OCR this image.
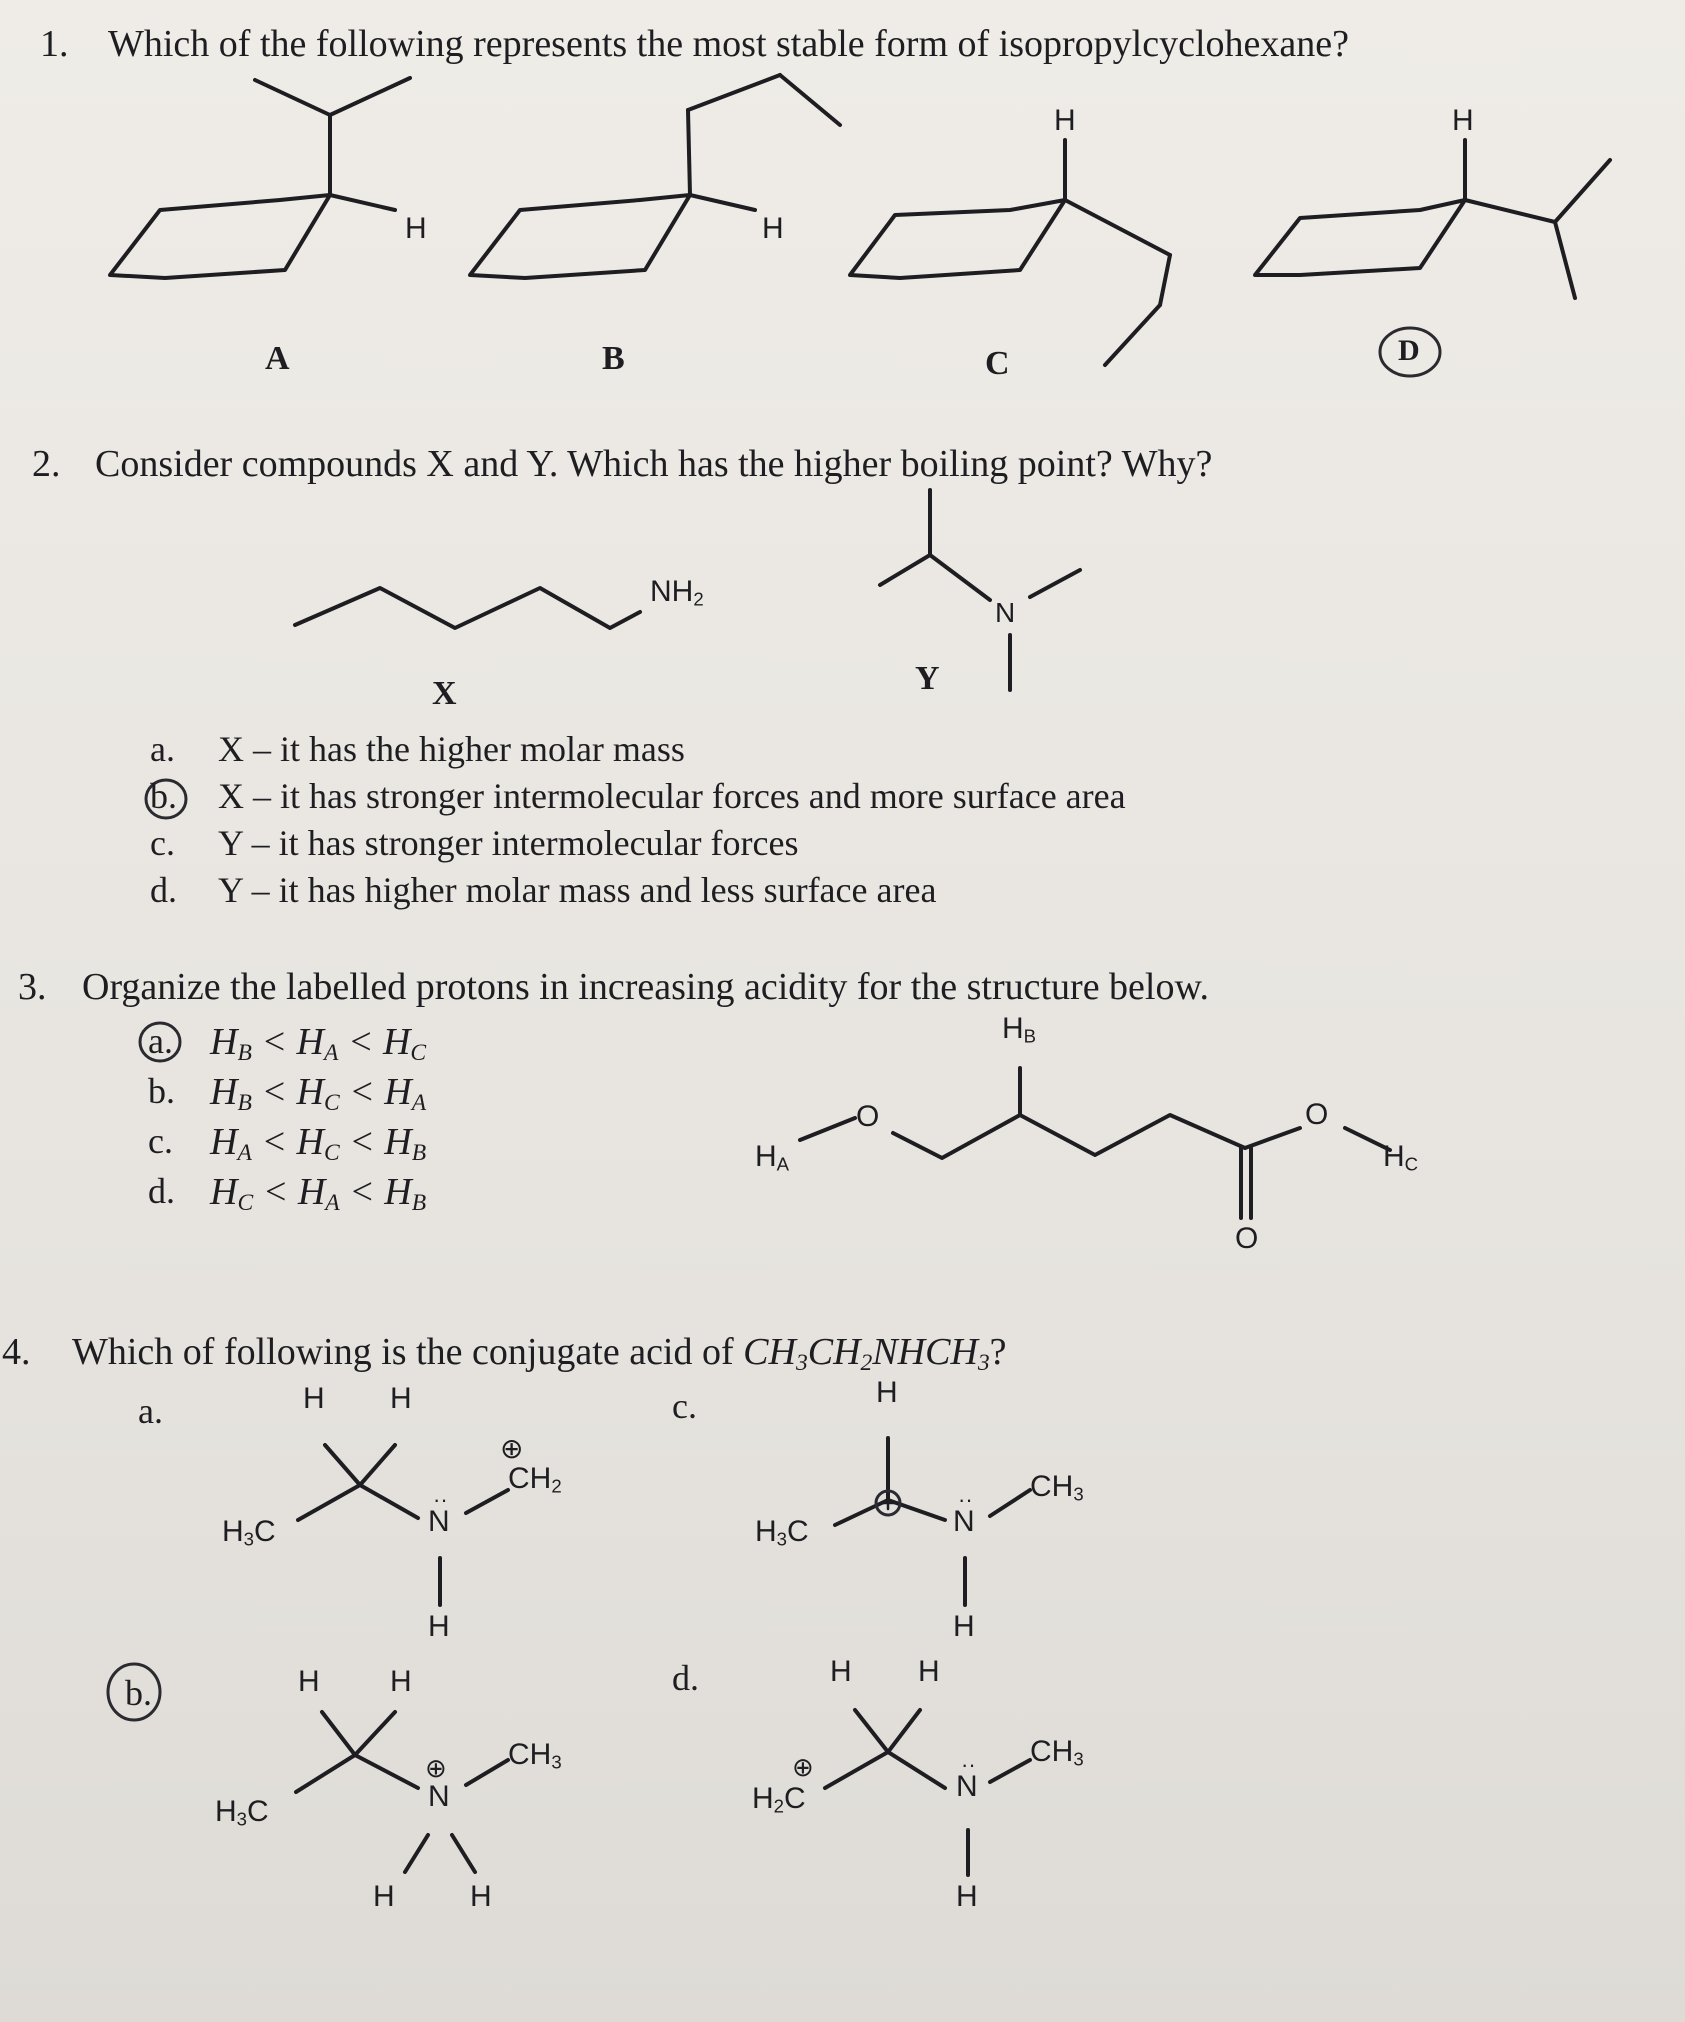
1. Which of the following represents the most stable form of isopropylcyclohexane?
H	H
H	H
A	B	C	D
2. Consider compounds X and Y. Which has the higher boiling point? Why?
$NH_2$	N
X	Y
a. X – it has the higher molar mass
b. X – it has stronger intermolecular forces and more surface area
c. Y – it has stronger intermolecular forces
d. Y – it has higher molar mass and less surface area
3. Organize the labelled protons in increasing acidity for the structure below.
$H_A$
O
$H_B$
O
$H_C$
O
a. $H_B < H_A < H_C$
b. $H_B < H_C < H_A$
c. $H_A < H_C < H_B$
d. $H_C < H_A < H_B$
4. Which of following is the conjugate acid of $CH_3CH_2NHCH_3$?
a.	c.
b.	d.
H H
$H_3C$
··
N
H
⊕
$CH_2$
H
$H_3C$
··
N
H
$CH_3$
H H
$H_3C$
⊕
N
$CH_3$
H	H
H H
⊕
$H_2C$
··
N
$CH_3$
H
